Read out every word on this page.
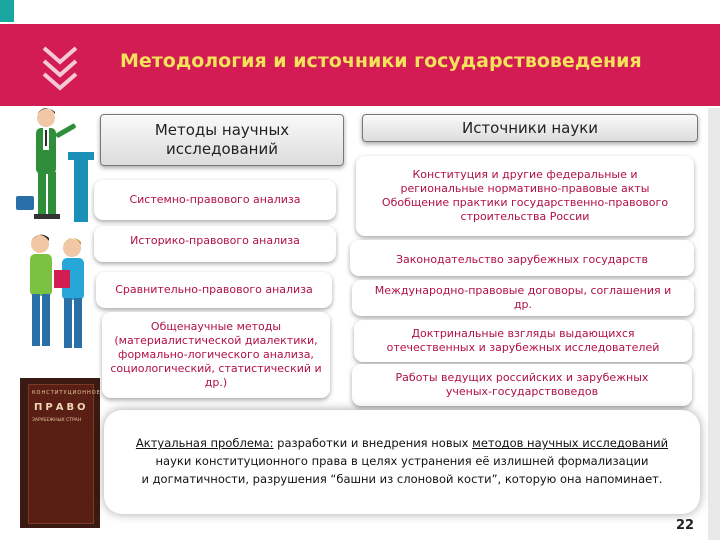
Методология и источники государствоведения
КОНСТИТУЦИОННОЕ
ПРАВО
ЗАРУБЕЖНЫХ СТРАН
Методы научных исследований
Системно-правового анализа
Историко-правового анализа
Сравнительно-правового анализа
Общенаучные методы (материалистической диалектики, формально-логического анализа, социологический, статистический и др.)
Источники науки
Конституция и другие федеральные и региональные нормативно-правовые акты Обобщение практики государственно-правового строительства России
Законодательство зарубежных государств
Международно-правовые договоры, соглашения и др.
Доктринальные взгляды выдающихся отечественных и зарубежных исследователей
Работы ведущих российских и зарубежных ученых-государствоведов
Актуальная проблема: разработки и внедрения новых методов научных исследований
науки конституционного права в целях устранения её излишней формализации
и догматичности, разрушения “башни из слоновой кости”, которую она напоминает.
22
